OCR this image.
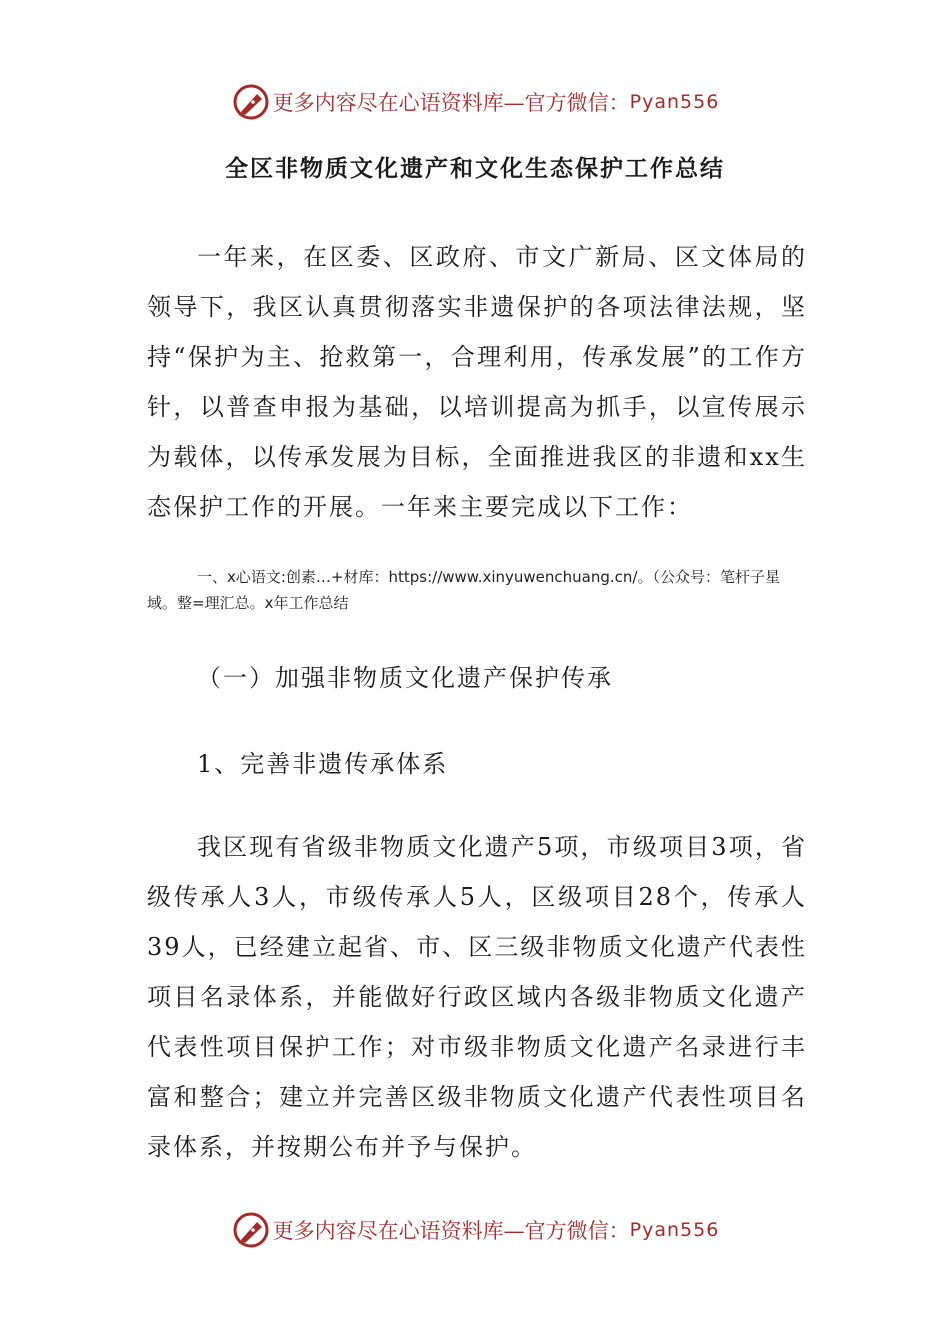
更多内容尽在心语资料库—官方微信： Pyan556
全区非物质文化遗产和文化生态保护工作总结

一年来，在区委、区政府、市文广新局、区文体局的领导下，我区认真贯彻落实非遗保护的各项法律法规，坚持“保护为主、抢救第一，合理利用，传承发展”的工作方针，以普查申报为基础，以培训提高为抓手，以宣传展示为载体，以传承发展为目标，全面推进我区的非遗和xx生态保护工作的开展。一年来主要完成以下工作：

一、x心语文:创素…+材库：https://www.xinyuwenchuang.cn/。（公众号：笔杆子星域。整=理汇总。x年工作总结

（一）加强非物质文化遗产保护传承

1、完善非遗传承体系

我区现有省级非物质文化遗产5项，市级项目3项，省级传承人3人，市级传承人5人，区级项目28个，传承人39人，已经建立起省、市、区三级非物质文化遗产代表性项目名录体系，并能做好行政区域内各级非物质文化遗产代表性项目保护工作；对市级非物质文化遗产名录进行丰富和整合；建立并完善区级非物质文化遗产代表性项目名录体系，并按期公布并予与保护。

更多内容尽在心语资料库—官方微信： Pyan556
